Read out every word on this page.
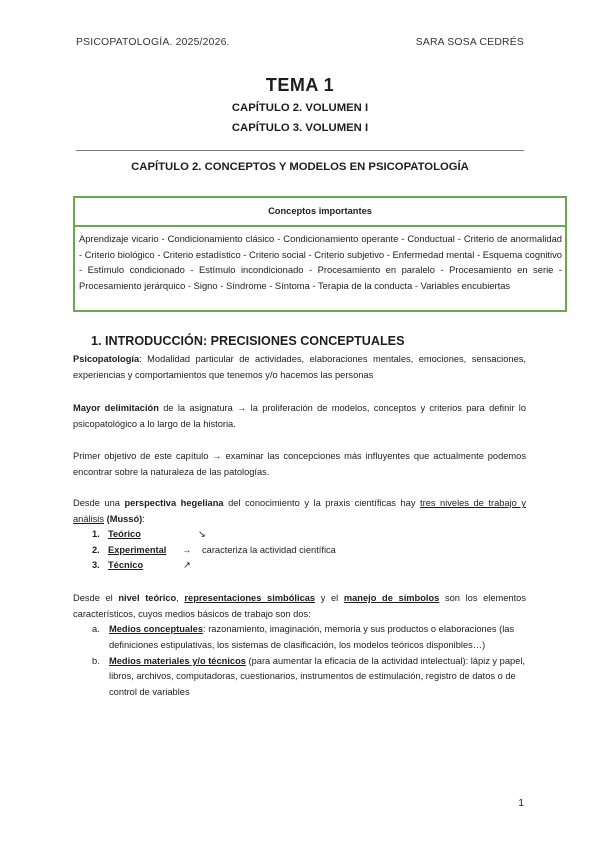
PSICOPATOLOGÍA. 2025/2026.	SARA SOSA CEDRÉS
TEMA 1
CAPÍTULO 2. VOLUMEN I
CAPÍTULO 3. VOLUMEN I
CAPÍTULO 2. CONCEPTOS Y MODELOS EN PSICOPATOLOGÍA
Conceptos importantes
Aprendizaje vicario - Condicionamiento clásico - Condicionamiento operante - Conductual - Criterio de anormalidad - Criterio biológico - Criterio estadístico - Criterio social - Criterio subjetivo - Enfermedad mental - Esquema cognitivo - Estímulo condicionado - Estímulo incondicionado - Procesamiento en paralelo - Procesamiento en serie - Procesamiento jerárquico - Signo - Síndrome - Síntoma - Terapia de la conducta - Variables encubiertas
1. INTRODUCCIÓN: PRECISIONES CONCEPTUALES
Psicopatología: Modalidad particular de actividades, elaboraciones mentales, emociones, sensaciones, experiencias y comportamientos que tenemos y/o hacemos las personas
Mayor delimitación de la asignatura → la proliferación de modelos, conceptos y criterios para definir lo psicopatológico a lo largo de la historia.
Primer objetivo de este capítulo → examinar las concepciones más influyentes que actualmente podemos encontrar sobre la naturaleza de las patologías.
Desde una perspectiva hegeliana del conocimiento y la praxis científicas hay tres niveles de trabajo y análisis (Mussó):
1. Teórico	↘
2. Experimental → caracteriza la actividad científica
3. Técnico	↗
Desde el nivel teórico, representaciones simbólicas y el manejo de símbolos son los elementos característicos, cuyos medios básicos de trabajo son dos:
a. Medios conceptuales: razonamiento, imaginación, memoria y sus productos o elaboraciones (las definiciones estipulativas, los sistemas de clasificación, los modelos teóricos disponibles…)
b. Medios materiales y/o técnicos (para aumentar la eficacia de la actividad intelectual): lápiz y papel, libros, archivos, computadoras, cuestionarios, instrumentos de estimulación, registro de datos o de control de variables
1
